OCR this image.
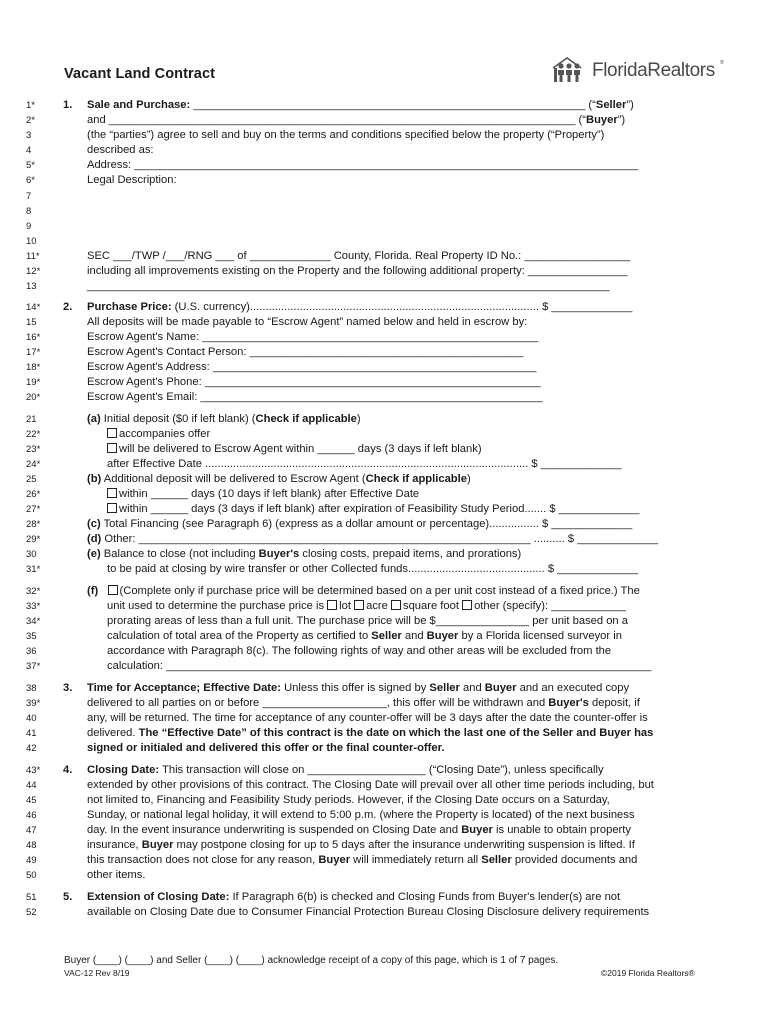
Vacant Land Contract	FloridaRealtors ®
1*	1. Sale and Purchase: _______________________________________________________________ (“Seller”)
2*	and ___________________________________________________________________________ (“Buyer”)
3	(the “parties”) agree to sell and buy on the terms and conditions specified below the property (“Property”)
4	described as:
5*	Address: _________________________________________________________________________________
6*	Legal Description:
7
8
9
10
11*	SEC ___/TWP /___/RNG ___ of _____________ County, Florida. Real Property ID No.: _________________
12*	including all improvements existing on the Property and the following additional property: ________________
13	____________________________________________________________________________________
14*	2. Purchase Price: (U.S. currency)............................................................................................. $ _____________
15	All deposits will be made payable to “Escrow Agent” named below and held in escrow by:
16*	Escrow Agent's Name: ______________________________________________________
17*	Escrow Agent's Contact Person: ____________________________________________
18*	Escrow Agent's Address: ____________________________________________________
19*	Escrow Agent's Phone: ______________________________________________________
20*	Escrow Agent's Email: _______________________________________________________
21	(a) Initial deposit ($0 if left blank) (Check if applicable)
22*	accompanies offer
23*	will be delivered to Escrow Agent within ______ days (3 days if left blank)
24*	after Effective Date ........................................................................................................ $ _____________
25	(b) Additional deposit will be delivered to Escrow Agent (Check if applicable)
26*	within ______ days (10 days if left blank) after Effective Date
27*	within ______ days (3 days if left blank) after expiration of Feasibility Study Period....... $ _____________
28*	(c) Total Financing (see Paragraph 6) (express as a dollar amount or percentage)................ $ _____________
29*	(d) Other: _______________________________________________________________ .......... $ _____________
30	(e) Balance to close (not including Buyer's closing costs, prepaid items, and prorations)
31*	to be paid at closing by wire transfer or other Collected funds............................................ $ _____________
32*	(f) (Complete only if purchase price will be determined based on a per unit cost instead of a fixed price.) The
33*	unit used to determine the purchase price is lot acre square foot other (specify): ____________
34*	prorating areas of less than a full unit. The purchase price will be $_______________ per unit based on a
35	calculation of total area of the Property as certified to Seller and Buyer by a Florida licensed surveyor in
36	accordance with Paragraph 8(c). The following rights of way and other areas will be excluded from the
37*	calculation: ______________________________________________________________________________
38	3. Time for Acceptance; Effective Date: Unless this offer is signed by Seller and Buyer and an executed copy
39*	delivered to all parties on or before ____________________, this offer will be withdrawn and Buyer's deposit, if
40	any, will be returned. The time for acceptance of any counter-offer will be 3 days after the date the counter-offer is
41	delivered. The “Effective Date” of this contract is the date on which the last one of the Seller and Buyer has
42	signed or initialed and delivered this offer or the final counter-offer.
43*	4. Closing Date: This transaction will close on ___________________ (“Closing Date”), unless specifically
44	extended by other provisions of this contract. The Closing Date will prevail over all other time periods including, but
45	not limited to, Financing and Feasibility Study periods. However, if the Closing Date occurs on a Saturday,
46	Sunday, or national legal holiday, it will extend to 5:00 p.m. (where the Property is located) of the next business
47	day. In the event insurance underwriting is suspended on Closing Date and Buyer is unable to obtain property
48	insurance, Buyer may postpone closing for up to 5 days after the insurance underwriting suspension is lifted. If
49	this transaction does not close for any reason, Buyer will immediately return all Seller provided documents and
50	other items.
51	5. Extension of Closing Date: If Paragraph 6(b) is checked and Closing Funds from Buyer's lender(s) are not
52	available on Closing Date due to Consumer Financial Protection Bureau Closing Disclosure delivery requirements
Buyer (____) (____) and Seller (____) (____) acknowledge receipt of a copy of this page, which is 1 of 7 pages.
VAC-12 Rev 8/19	©2019 Florida Realtors®
